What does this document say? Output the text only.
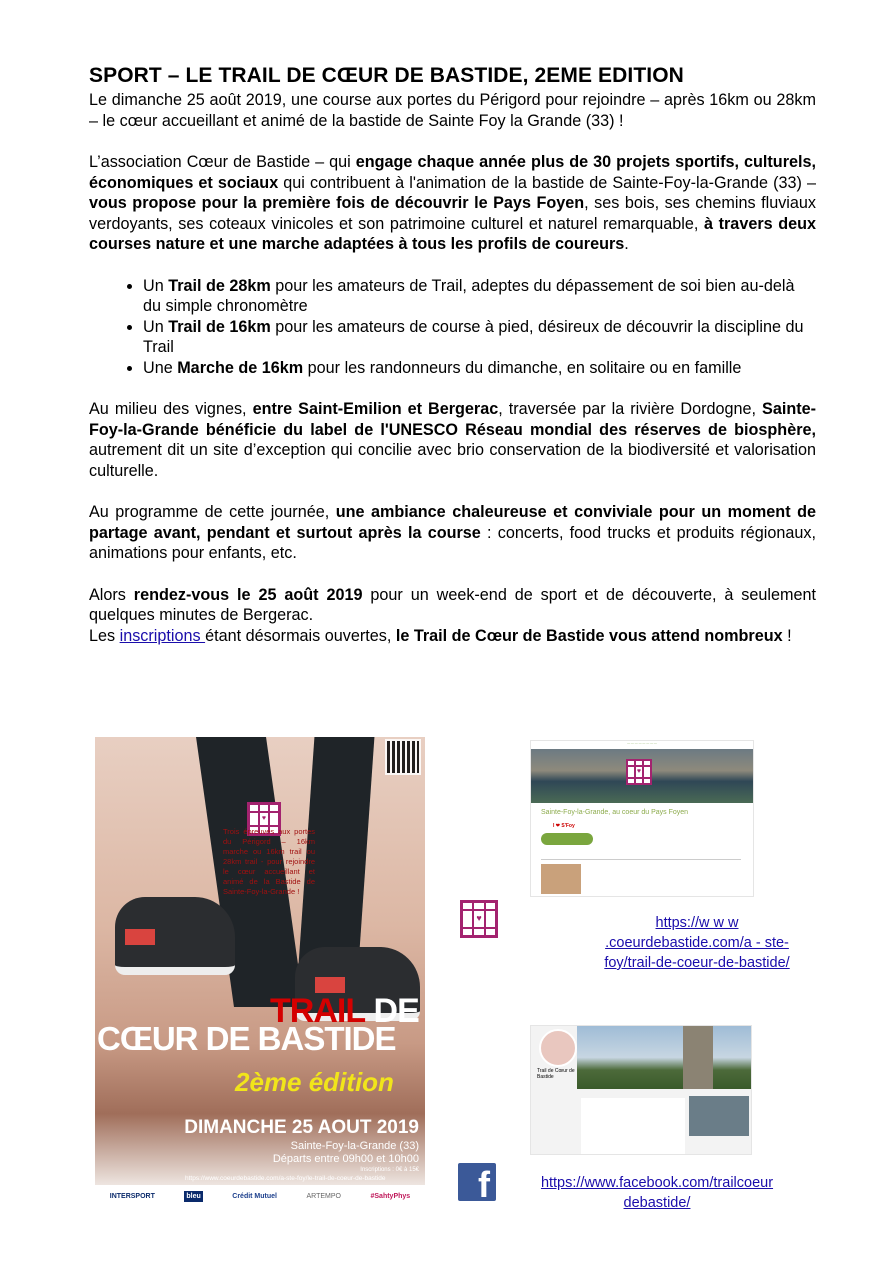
SPORT – LE TRAIL DE CŒUR DE BASTIDE, 2EME EDITION

Le dimanche 25 août 2019, une course aux portes du Périgord pour rejoindre – après 16km ou 28km – le cœur accueillant et animé de la bastide de Sainte Foy la Grande (33) !

L’association Cœur de Bastide – qui engage chaque année plus de 30 projets sportifs, culturels, économiques et sociaux qui contribuent à l'animation de la bastide de Sainte-Foy-la-Grande (33) – vous propose pour la première fois de découvrir le Pays Foyen, ses bois, ses chemins fluviaux verdoyants, ses coteaux vinicoles et son patrimoine culturel et naturel remarquable, à travers deux courses nature et une marche adaptées à tous les profils de coureurs.

• Un Trail de 28km pour les amateurs de Trail, adeptes du dépassement de soi bien au-delà du simple chronomètre
• Un Trail de 16km pour les amateurs de course à pied, désireux de découvrir la discipline du Trail
• Une Marche de 16km pour les randonneurs du dimanche, en solitaire ou en famille

Au milieu des vignes, entre Saint-Emilion et Bergerac, traversée par la rivière Dordogne, Sainte-Foy-la-Grande bénéficie du label de l'UNESCO Réseau mondial des réserves de biosphère, autrement dit un site d’exception qui concilie avec brio conservation de la biodiversité et valorisation culturelle.

Au programme de cette journée, une ambiance chaleureuse et conviviale pour un moment de partage avant, pendant et surtout après la course : concerts, food trucks et produits régionaux, animations pour enfants, etc.

Alors rendez-vous le 25 août 2019 pour un week-end de sport et de découverte, à seulement quelques minutes de Bergerac.

Les inscriptions étant désormais ouvertes, le Trail de Cœur de Bastide vous attend nombreux !

♥
Trois épreuves aux portes du Périgord – 16km marche ou 16km trail ou 28km trail - pour rejoindre le cœur accueillant et animé de la Bastide de Sainte-Foy-la-Grande !
TRAIL DE
CŒUR DE BASTIDE
2ème édition
DIMANCHE 25 AOUT 2019
Sainte-Foy-la-Grande (33)
Départs entre 09h00 et 10h00
Inscriptions : 0€ à 15€
https://www.coeurdebastide.com/a-ste-foy/le-trail-de-coeur-de-bastide
INTERSPORT	bleu	Crédit Mutuel	ARTEMPO	#SahtyPhys
— — — — — — — —
♥
Sainte-Foy-la-Grande, au coeur du Pays Foyen
I ❤ S'Foy
♥	https://w w w .coeurdebastide.com/a - ste-foy/trail-de-coeur-de-bastide/
Trail de Cœur de Bastide
f	https://www.facebook.com/trailcoeur debastide/
